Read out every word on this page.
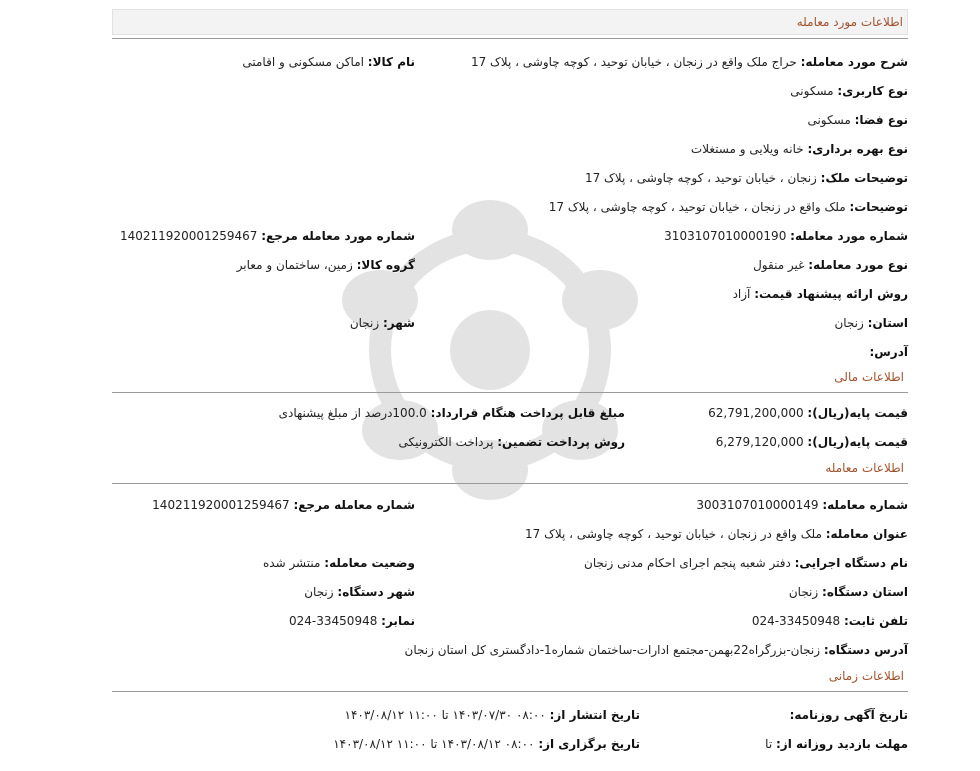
اطلاعات مورد معامله
شرح مورد معامله: حراج ملک واقع در زنجان ، خیابان توحید ، کوچه چاوشی ، پلاک 17
نام کالا: اماکن مسکونی و اقامتی
نوع کاربری: مسکونی
نوع فضا: مسکونی
نوع بهره برداری: خانه ویلایی و مستغلات
توضیحات ملک: زنجان ، خیابان توحید ، کوچه چاوشی ، پلاک 17
توضیحات: ملک واقع در زنجان ، خیابان توحید ، کوچه چاوشی ، پلاک 17
شماره مورد معامله: 3103107010000190
شماره مورد معامله مرجع: 14021192000125946​7
نوع مورد معامله: غیر منقول
گروه کالا: زمین، ساختمان و معابر
روش ارائه پیشنهاد قیمت: آزاد
استان: زنجان
شهر: زنجان
آدرس:
اطلاعات مالی
قیمت پایه(ریال): 62,791,200,000
مبلغ قابل پرداخت هنگام قرارداد: 100.0درصد از مبلغ پیشنهادی
قیمت پایه(ریال): 6,279,120,000
روش پرداخت تضمین: پرداخت الکترونیکی
اطلاعات معامله
شماره معامله: 3003107010000149
شماره معامله مرجع: 14021192000125946​7
عنوان معامله: ملک واقع در زنجان ، خیابان توحید ، کوچه چاوشی ، پلاک 17
نام دستگاه اجرایی: دفتر شعبه پنجم اجرای احکام مدنی زنجان
وضعیت معامله: منتشر شده
استان دستگاه: زنجان
شهر دستگاه: زنجان
تلفن ثابت: 024-33450948
نمابر: 024-33450948
آدرس دستگاه: زنجان-بزرگراه22بهمن-مجتمع ادارات-ساختمان شماره1-دادگستری کل استان زنجان
اطلاعات زمانی
تاریخ آگهی روزنامه:
تاریخ انتشار از: ۰۸:۰۰ ۱۴۰۳/۰۷/۳۰ تا ۱۱:۰۰ ۱۴۰۳/۰۸/۱۲
مهلت بازدید روزانه از: تا
تاریخ برگزاری از: ۰۸:۰۰ ۱۴۰۳/۰۸/۱۲ تا ۱۱:۰۰ ۱۴۰۳/۰۸/۱۲
